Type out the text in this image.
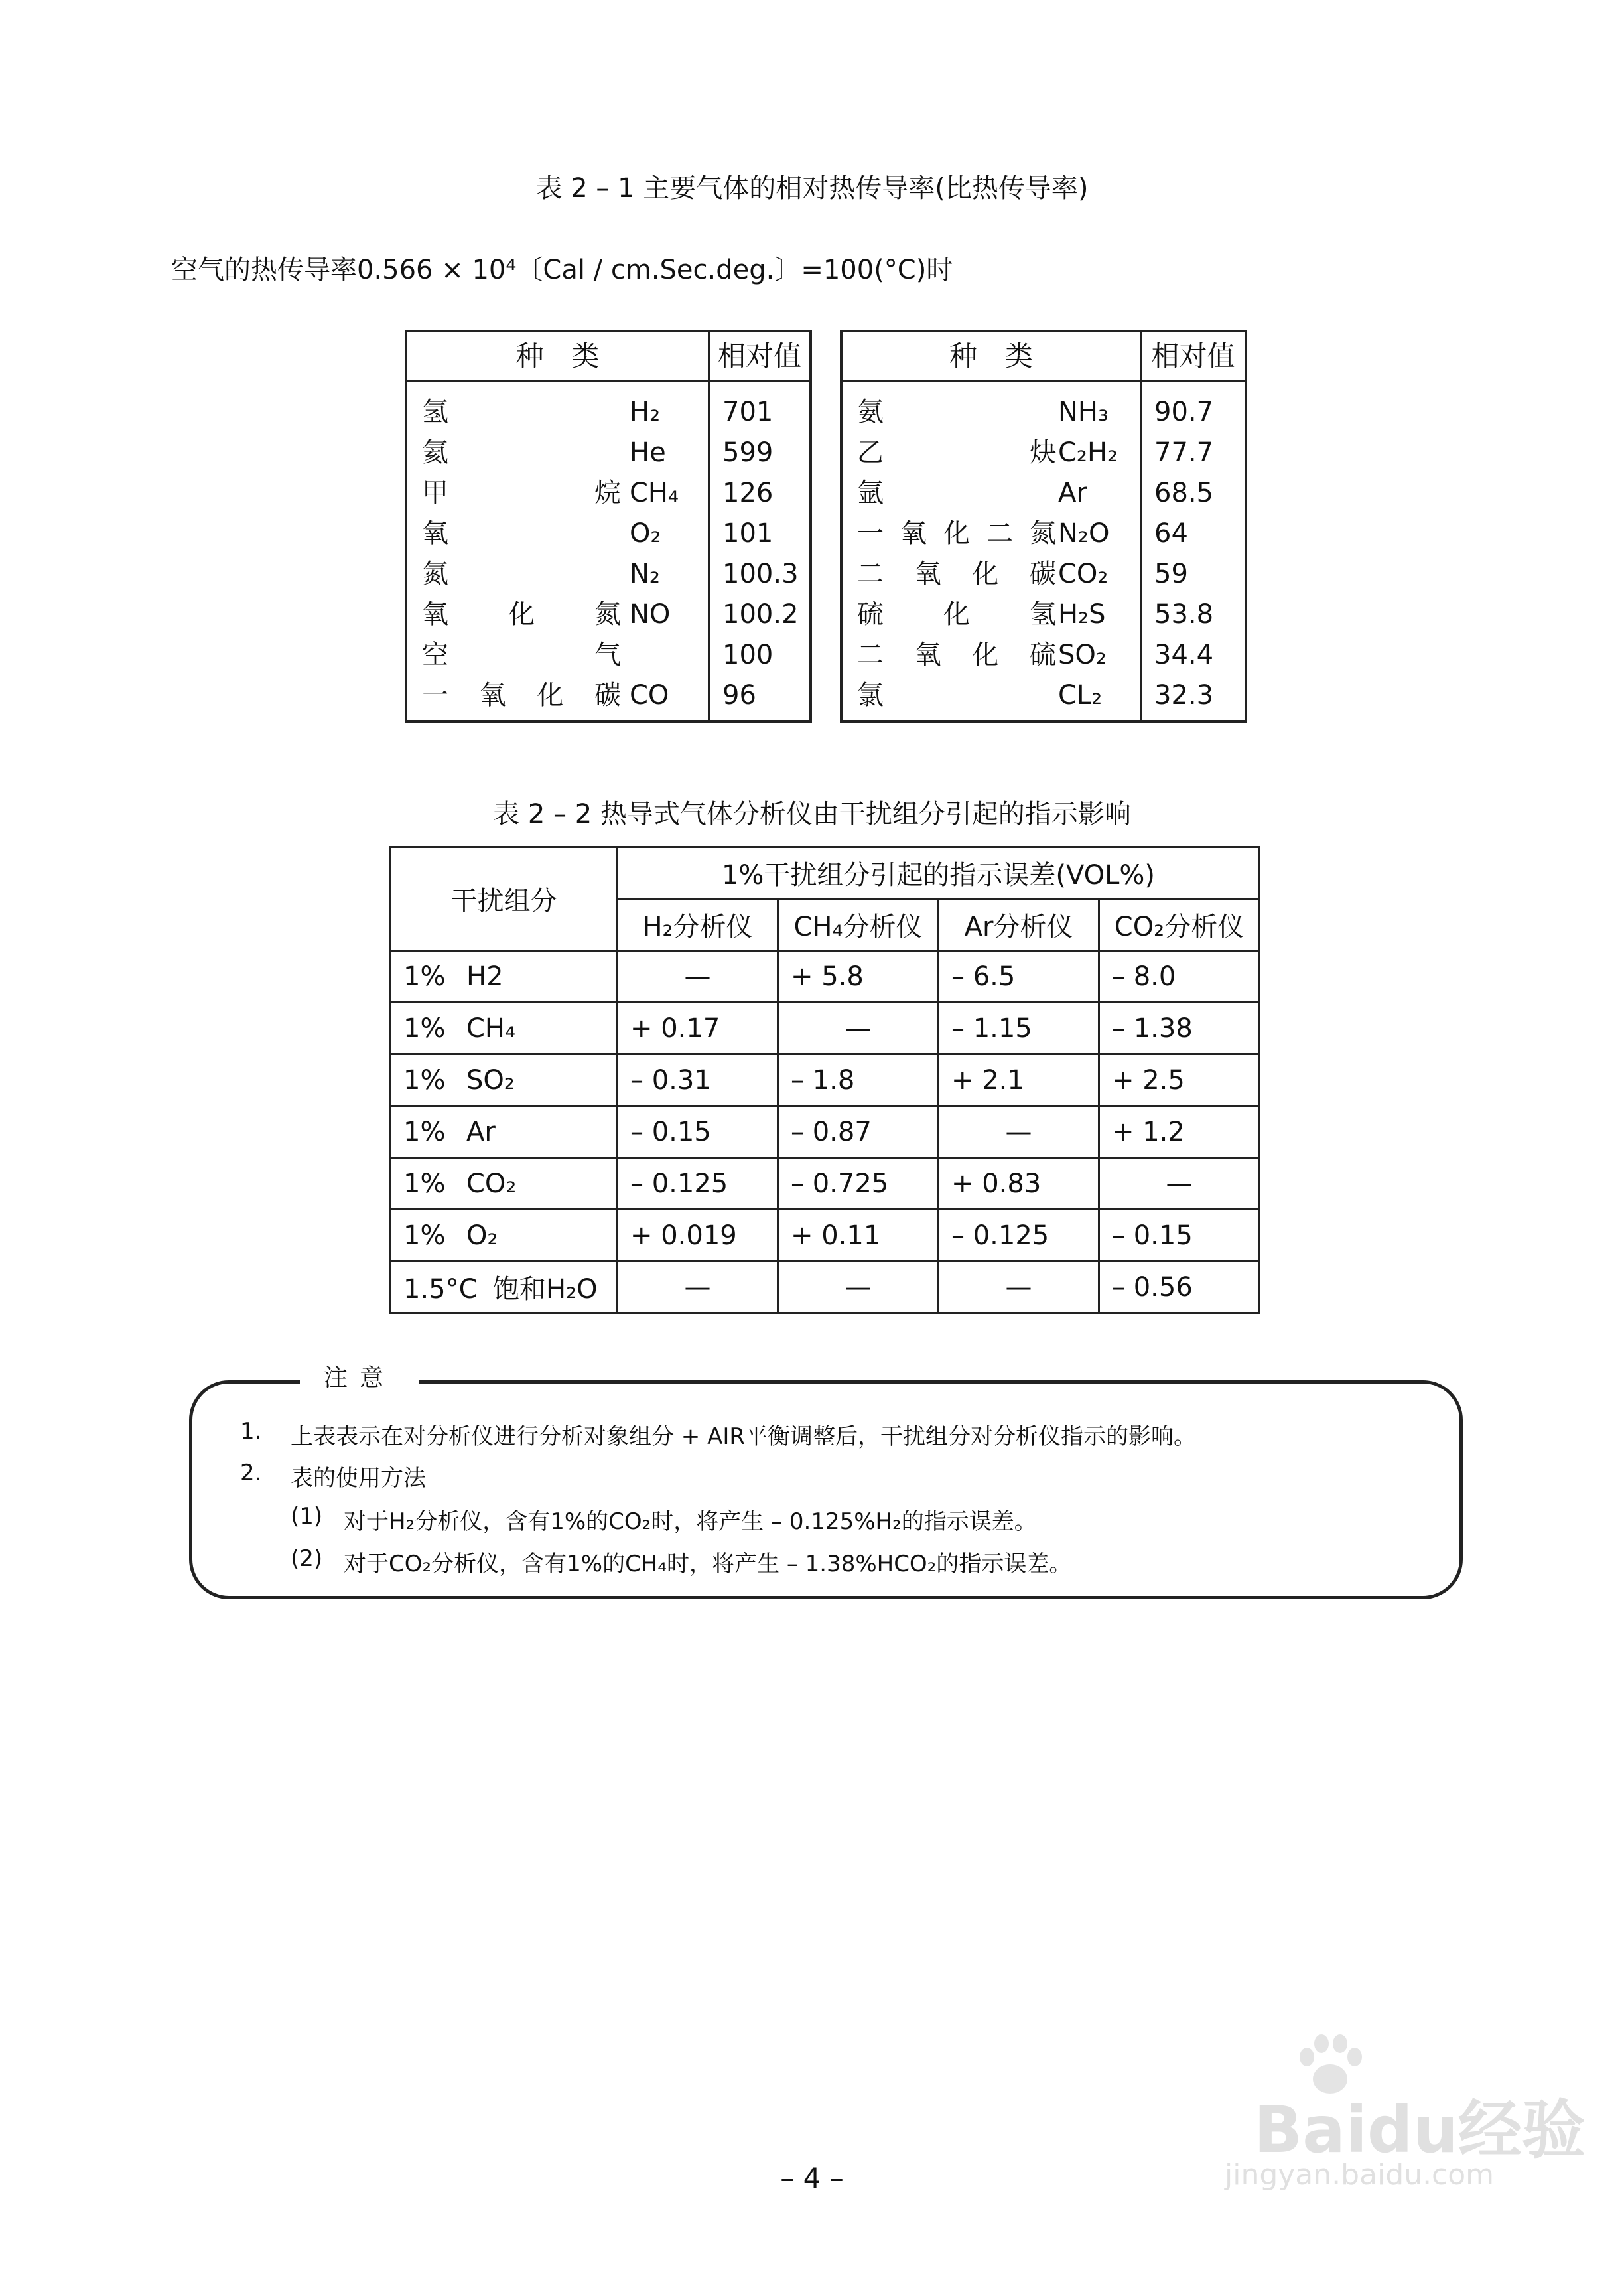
表 2 – 1 主要气体的相对热传导率(比热传导率)
空气的热传导率0.566 × 10⁴〔Cal / cm.Sec.deg.〕=100(°C)时
种　类	相对值
氢	H₂ 701
氦	He 599
甲	烷 CH₄ 126
氧	O₂ 101
氮	N₂ 100.3
氧 化 氮 NO 100.2
空	气	100
一 氧 化 碳 CO 96
种　类	相对值
氨	NH₃ 90.7
乙	炔 C₂H₂ 77.7
氩	Ar	68.5
一 氧 化 二 氮 N₂O 64
二 氧 化 碳 CO₂ 59
硫 化 氢 H₂S 53.8
二 氧 化 硫 SO₂ 34.4
氯	CL₂ 32.3
表 2 – 2 热导式气体分析仪由干扰组分引起的指示影响
干扰组分	1%干扰组分引起的指示误差(VOL%)			
	H₂分析仪	CH₄分析仪	Ar分析仪	CO₂分析仪
1% H2	—	+ 5.8	– 6.5	– 8.0
1% CH₄	+ 0.17	—	– 1.15	– 1.38
1% SO₂	– 0.31	– 1.8	+ 2.1	+ 2.5
1% Ar	– 0.15	– 0.87	—	+ 1.2
1% CO₂	– 0.125	– 0.725	+ 0.83	—
1% O₂	+ 0.019	+ 0.11	– 0.125	– 0.15
1.5°C 饱和H₂O	—	—	—	– 0.56
1. 上表表示在对分析仪进行分析对象组分 + AIR平衡调整后，干扰组分对分析仪指示的影响。
2. 表的使用方法
(1) 对于H₂分析仪，含有1%的CO₂时，将产生 – 0.125%H₂的指示误差。
(2) 对于CO₂分析仪，含有1%的CH₄时，将产生 – 1.38%HCO₂的指示误差。
注意
– 4 –
Baidu经验
jingyan.baidu.com
